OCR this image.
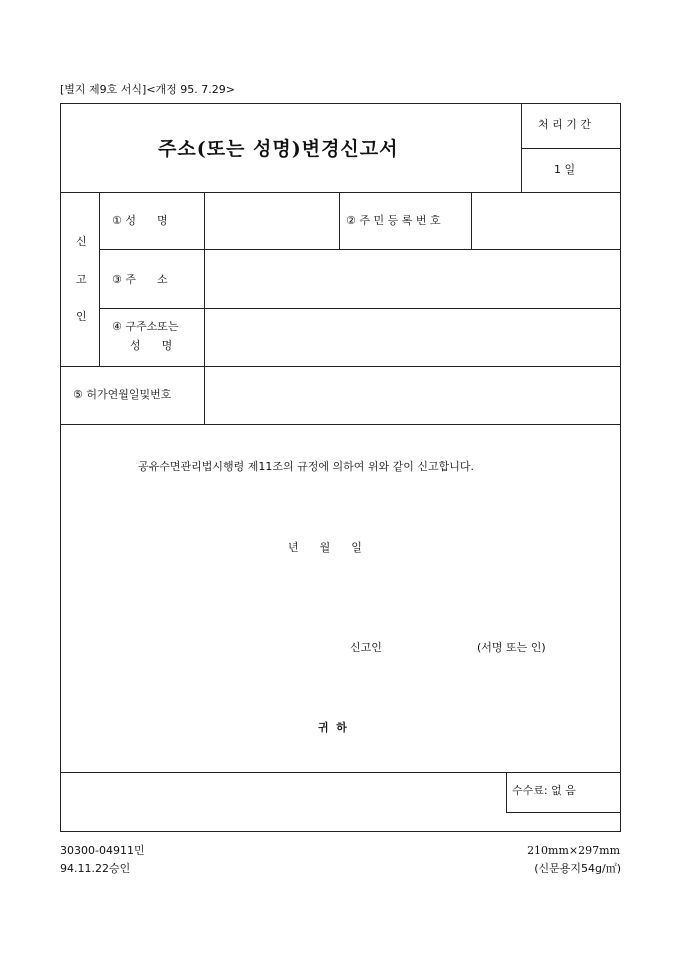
[별지 제9호 서식]<개정 95. 7.29>
주소(또는 성명)변경신고서
처 리 기 간
1 일
신
고
인
① 성      명	② 주 민 등 록 번 호
③ 주      소
④ 구주소또는
성      명
⑤ 허가연월일및번호
공유수면관리법시행령 제11조의 규정에 의하여 위와 같이 신고합니다.
년      월      일
신고인	(서명 또는 인)
귀  하
수수료: 없 음
30300-04911민
94.11.22승인
210mm×297mm
(신문용지54g/㎡)
